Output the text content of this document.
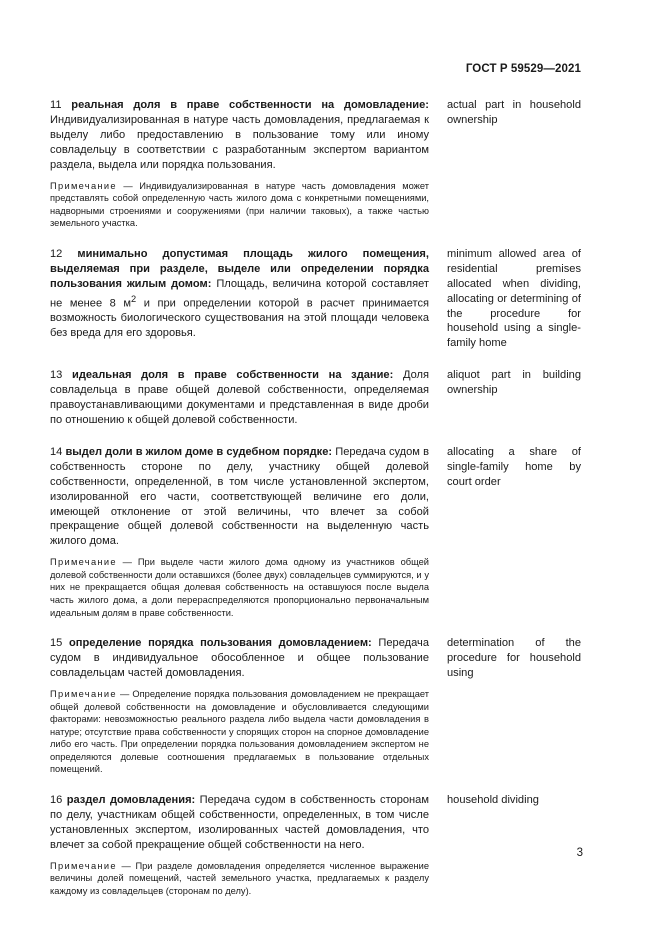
ГОСТ Р 59529—2021

11 реальная доля в праве собственности на домовладение: Индивидуализированная в натуре часть домовладения, предлагаемая к выделу либо предоставлению в пользование тому или иному совладельцу в соответствии с разработанным экспертом вариантом раздела, выдела или порядка пользования.

Примечание — Индивидуализированная в натуре часть домовладения может представлять собой определенную часть жилого дома с конкретными помещениями, надворными строениями и сооружениями (при наличии таковых), а также частью земельного участка.

actual part in household ownership

12 минимально допустимая площадь жилого помещения, выделяемая при разделе, выделе или определении порядка пользования жилым домом: Площадь, величина которой составляет не менее 8 $м^2$ и при определении которой в расчет принимается возможность биологического существования на этой площади человека без вреда для его здоровья.

minimum allowed area of residential premises allocated when dividing, allocating or determining of the procedure for household using a single-family home

13 идеальная доля в праве собственности на здание: Доля совладельца в праве общей долевой собственности, определяемая правоустанавливающими документами и представленная в виде дроби по отношению к общей долевой собственности.

aliquot part in building ownership

14 выдел доли в жилом доме в судебном порядке: Передача судом в собственность стороне по делу, участнику общей долевой собственности, определенной, в том числе установленной экспертом, изолированной его части, соответствующей величине его доли, имеющей отклонение от этой величины, что влечет за собой прекращение общей долевой собственности на выделенную часть жилого дома.

Примечание — При выделе части жилого дома одному из участников общей долевой собственности доли оставшихся (более двух) совладельцев суммируются, и у них не прекращается общая долевая собственность на оставшуюся после выдела часть жилого дома, а доли перераспределяются пропорционально первоначальным идеальным долям в праве собственности.

allocating a share of single-family home by court order

15 определение порядка пользования домовладением: Передача судом в индивидуальное обособленное и общее пользование совладельцам частей домовладения.

Примечание — Определение порядка пользования домовладением не прекращает общей долевой собственности на домовладение и обусловливается следующими факторами: невозможностью реального раздела либо выдела части домовладения в натуре; отсутствие права собственности у спорящих сторон на спорное домовладение либо его часть. При определении порядка пользования домовладением экспертом не определяются долевые соотношения предлагаемых в пользование отдельных помещений.

determination of the procedure for household using

16 раздел домовладения: Передача судом в собственность сторонам по делу, участникам общей собственности, определенных, в том числе установленных экспертом, изолированных частей домовладения, что влечет за собой прекращение общей собственности на него.

Примечание — При разделе домовладения определяется численное выражение величины долей помещений, частей земельного участка, предлагаемых к разделу каждому из совладельцев (сторонам по делу).

household dividing
3
